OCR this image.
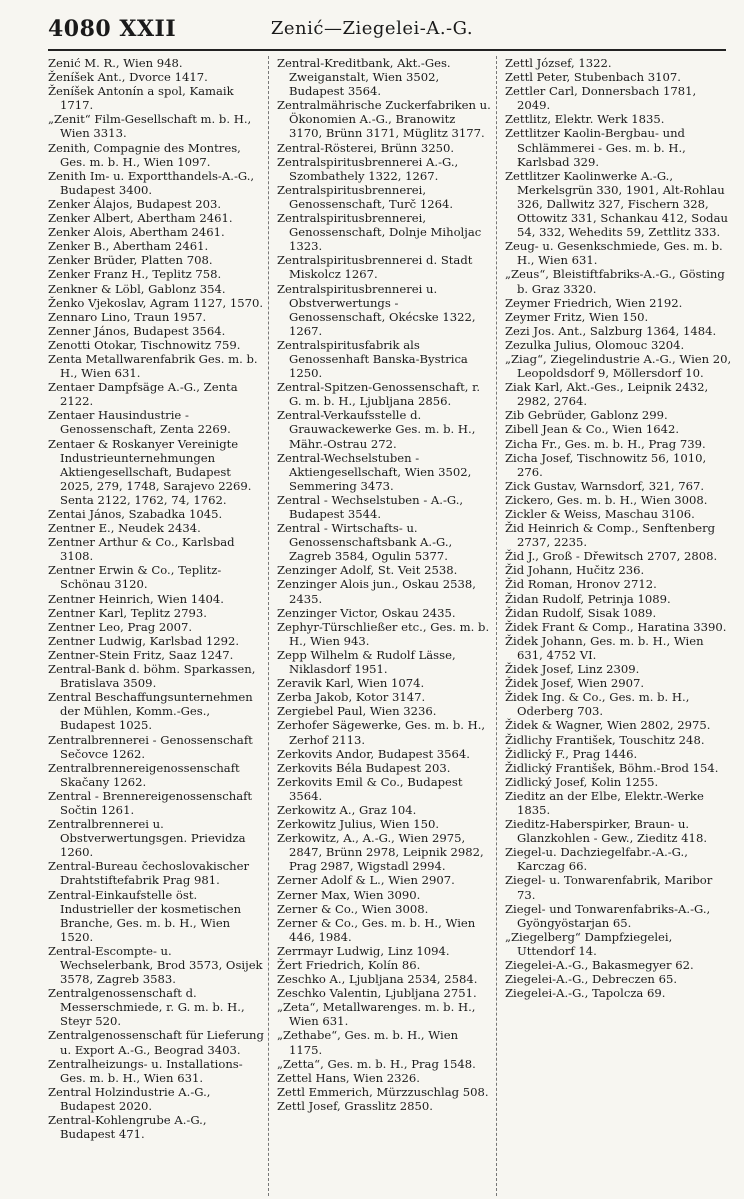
4080 XXII	Zenić—Ziegelei-A.-G.

Zenić M. R., Wien 948.

Ženíšek Ant., Dvorce 1417.

Ženíšek Antonín a spol, Kamaik 1717.

„Zenit“ Film-Gesellschaft m. b. H., Wien 3313.

Zenith, Compagnie des Montres, Ges. m. b. H., Wien 1097.

Zenith Im- u. Exportthandels-A.-G., Budapest 3400.

Zenker Álajos, Budapest 203.

Zenker Albert, Abertham 2461.

Zenker Alois, Abertham 2461.

Zenker B., Abertham 2461.

Zenker Brüder, Platten 708.

Zenker Franz H., Teplitz 758.

Zenkner & Löbl, Gablonz 354.

Ženko Vjekoslav, Agram 1127, 1570.

Zennaro Lino, Traun 1957.

Zenner János, Budapest 3564.

Zenotti Otokar, Tischnowitz 759.

Zenta Metallwarenfabrik Ges. m. b. H., Wien 631.

Zentaer Dampfsäge A.-G., Zenta 2122.

Zentaer Hausindustrie - Genossenschaft, Zenta 2269.

Zentaer & Roskanyer Vereinigte Industrieunternehmungen Aktiengesellschaft, Budapest 2025, 279, 1748, Sarajevo 2269. Senta 2122, 1762, 74, 1762.

Zentai János, Szabadka 1045.

Zentner E., Neudek 2434.

Zentner Arthur & Co., Karlsbad 3108.

Zentner Erwin & Co., Teplitz-Schönau 3120.

Zentner Heinrich, Wien 1404.

Zentner Karl, Teplitz 2793.

Zentner Leo, Prag 2007.

Zentner Ludwig, Karlsbad 1292.

Zentner-Stein Fritz, Saaz 1247.

Zentral-Bank d. böhm. Sparkassen, Bratislava 3509.

Zentral Beschaffungsunternehmen der Mühlen, Komm.-Ges., Budapest 1025.

Zentralbrennerei - Genossenschaft Sečovce 1262.

Zentralbrennereigenossenschaft Skačany 1262.

Zentral - Brennereigenossenschaft Sočtin 1261.

Zentralbrennerei u. Obstverwertungsgen. Prievidza 1260.

Zentral-Bureau čechoslovakischer Drahtstiftefabrik Prag 981.

Zentral-Einkaufstelle öst. Industrieller der kosmetischen Branche, Ges. m. b. H., Wien 1520.

Zentral-Escompte- u. Wechselerbank, Brod 3573, Osijek 3578, Zagreb 3583.

Zentralgenossenschaft d. Messerschmiede, r. G. m. b. H., Steyr 520.

Zentralgenossenschaft für Lieferung u. Export A.-G., Beograd 3403.

Zentralheizungs- u. Installations-Ges. m. b. H., Wien 631.

Zentral Holzindustrie A.-G., Budapest 2020.

Zentral-Kohlengrube A.-G., Budapest 471.

Zentral-Kreditbank, Akt.-Ges. Zweiganstalt, Wien 3502, Budapest 3564.

Zentralmährische Zuckerfabriken u. Ökonomien A.-G., Branowitz 3170, Brünn 3171, Müglitz 3177.

Zentral-Rösterei, Brünn 3250.

Zentralspiritusbrennerei A.-G., Szombathely 1322, 1267.

Zentralspiritusbrennerei, Genossenschaft, Turč 1264.

Zentralspiritusbrennerei, Genossenschaft, Dolnje Miholjac 1323.

Zentralspiritusbrennerei d. Stadt Miskolcz 1267.

Zentralspiritusbrennerei u. Obstverwertungs - Genossenschaft, Okécske 1322, 1267.

Zentralspiritusfabrik als Genossenhaft Banska-Bystrica 1250.

Zentral-Spitzen-Genossenschaft, r. G. m. b. H., Ljubljana 2856.

Zentral-Verkaufsstelle d. Grauwackewerke Ges. m. b. H., Mähr.-Ostrau 272.

Zentral-Wechselstuben - Aktiengesellschaft, Wien 3502, Semmering 3473.

Zentral - Wechselstuben - A.-G., Budapest 3544.

Zentral - Wirtschafts- u. Genossenschaftsbank A.-G., Zagreb 3584, Ogulin 5377.

Zenzinger Adolf, St. Veit 2538.

Zenzinger Alois jun., Oskau 2538, 2435.

Zenzinger Victor, Oskau 2435.

Zephyr-Türschließer etc., Ges. m. b. H., Wien 943.

Zepp Wilhelm & Rudolf Lässe, Niklasdorf 1951.

Zeravik Karl, Wien 1074.

Zerba Jakob, Kotor 3147.

Zergiebel Paul, Wien 3236.

Zerhofer Sägewerke, Ges. m. b. H., Zerhof 2113.

Zerkovits Andor, Budapest 3564.

Zerkovits Béla Budapest 203.

Zerkovits Emil & Co., Budapest 3564.

Zerkowitz A., Graz 104.

Zerkowitz Julius, Wien 150.

Zerkowitz, A., A.-G., Wien 2975, 2847, Brünn 2978, Leipnik 2982, Prag 2987, Wigstadl 2994.

Zerner Adolf & L., Wien 2907.

Zerner Max, Wien 3090.

Zerner & Co., Wien 3008.

Zerner & Co., Ges. m. b. H., Wien 446, 1984.

Zerrmayr Ludwig, Linz 1094.

Žert Friedrich, Kolín 86.

Zeschko A., Ljubljana 2534, 2584.

Zeschko Valentin, Ljubljana 2751.

„Zeta“, Metallwarenges. m. b. H., Wien 631.

„Zethabe“, Ges. m. b. H., Wien 1175.

„Zetta“, Ges. m. b. H., Prag 1548.

Zettel Hans, Wien 2326.

Zettl Emmerich, Mürzzuschlag 508.

Zettl Josef, Grasslitz 2850.

Zettl József, 1322.

Zettl Peter, Stubenbach 3107.

Zettler Carl, Donnersbach 1781, 2049.

Zettlitz, Elektr. Werk 1835.

Zettlitzer Kaolin-Bergbau- und Schlämmerei - Ges. m. b. H., Karlsbad 329.

Zettlitzer Kaolinwerke A.-G., Merkelsgrün 330, 1901, Alt-Rohlau 326, Dallwitz 327, Fischern 328, Ottowitz 331, Schankau 412, Sodau 54, 332, Wehedits 59, Zettlitz 333.

Zeug- u. Gesenkschmiede, Ges. m. b. H., Wien 631.

„Zeus“, Bleistiftfabriks-A.-G., Gösting b. Graz 3320.

Zeymer Friedrich, Wien 2192.

Zeymer Fritz, Wien 150.

Zezi Jos. Ant., Salzburg 1364, 1484.

Zezulka Julius, Olomouc 3204.

„Ziag“, Ziegelindustrie A.-G., Wien 20, Leopoldsdorf 9, Möllersdorf 10.

Ziak Karl, Akt.-Ges., Leipnik 2432, 2982, 2764.

Zib Gebrüder, Gablonz 299.

Zibell Jean & Co., Wien 1642.

Zicha Fr., Ges. m. b. H., Prag 739.

Zicha Josef, Tischnowitz 56, 1010, 276.

Zick Gustav, Warnsdorf, 321, 767.

Zickero, Ges. m. b. H., Wien 3008.

Zickler & Weiss, Maschau 3106.

Žid Heinrich & Comp., Senftenberg 2737, 2235.

Žid J., Groß - Dřewitsch 2707, 2808.

Žid Johann, Hučitz 236.

Žid Roman, Hronov 2712.

Židan Rudolf, Petrinja 1089.

Židan Rudolf, Sisak 1089.

Židek Frant & Comp., Haratina 3390.

Židek Johann, Ges. m. b. H., Wien 631, 4752 VI.

Židek Josef, Linz 2309.

Židek Josef, Wien 2907.

Židek Ing. & Co., Ges. m. b. H., Oderberg 703.

Židek & Wagner, Wien 2802, 2975.

Židlichy František, Touschitz 248.

Židlický F., Prag 1446.

Židlický František, Böhm.-Brod 154.

Zidlický Josef, Kolin 1255.

Zieditz an der Elbe, Elektr.-Werke 1835.

Zieditz-Haberspirker, Braun- u. Glanzkohlen - Gew., Zieditz 418.

Ziegel-u. Dachziegelfabr.-A.-G., Karczag 66.

Ziegel- u. Tonwarenfabrik, Maribor 73.

Ziegel- und Tonwarenfabriks-A.-G., Gyöngyöstarjan 65.

„Ziegelberg“ Dampfziegelei, Uttendorf 14.

Ziegelei-A.-G., Bakasmegyer 62.

Ziegelei-A.-G., Debreczen 65.

Ziegelei-A.-G., Tapolcza 69.
